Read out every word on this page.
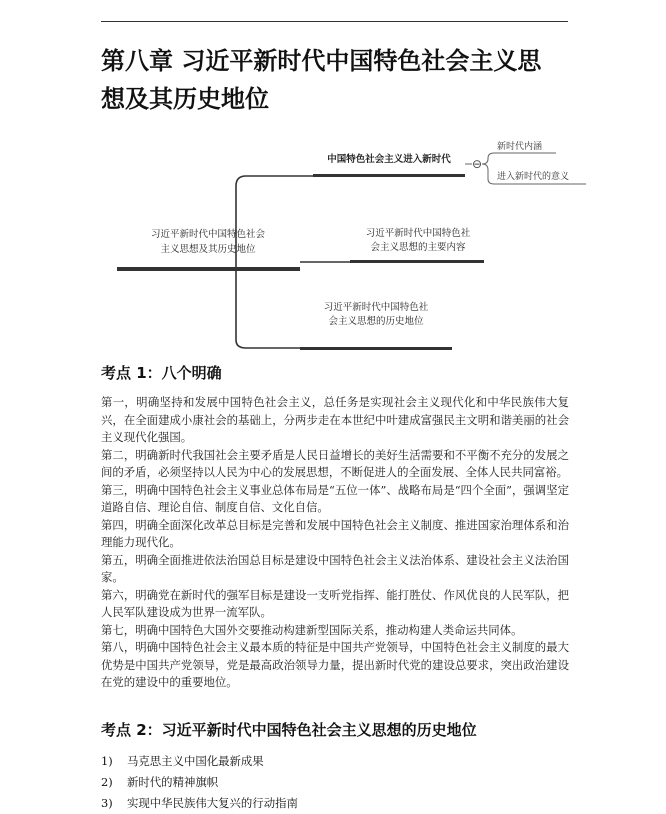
第八章 习近平新时代中国特色社会主义思
想及其历史地位
⊖
习近平新时代中国特色社会
主义思想及其历史地位
中国特色社会主义进入新时代
新时代内涵
进入新时代的意义
习近平新时代中国特色社
会主义思想的主要内容
习近平新时代中国特色社
会主义思想的历史地位
考点 1：八个明确

第一，明确坚持和发展中国特色社会主义，总任务是实现社会主义现代化和中华民族伟大复兴，在全面建成小康社会的基础上，分两步走在本世纪中叶建成富强民主文明和谐美丽的社会主义现代化强国。

第二，明确新时代我国社会主要矛盾是人民日益增长的美好生活需要和不平衡不充分的发展之间的矛盾，必须坚持以人民为中心的发展思想，不断促进人的全面发展、全体人民共同富裕。

第三，明确中国特色社会主义事业总体布局是“五位一体”、战略布局是“四个全面”，强调坚定道路自信、理论自信、制度自信、文化自信。

第四，明确全面深化改革总目标是完善和发展中国特色社会主义制度、推进国家治理体系和治理能力现代化。

第五，明确全面推进依法治国总目标是建设中国特色社会主义法治体系、建设社会主义法治国家。

第六，明确党在新时代的强军目标是建设一支听党指挥、能打胜仗、作风优良的人民军队，把人民军队建设成为世界一流军队。

第七，明确中国特色大国外交要推动构建新型国际关系，推动构建人类命运共同体。

第八，明确中国特色社会主义最本质的特征是中国共产党领导，中国特色社会主义制度的最大优势是中国共产党领导，党是最高政治领导力量，提出新时代党的建设总要求，突出政治建设在党的建设中的重要地位。

考点 2：习近平新时代中国特色社会主义思想的历史地位
1)	马克思主义中国化最新成果
2)	新时代的精神旗帜
3)	实现中华民族伟大复兴的行动指南
